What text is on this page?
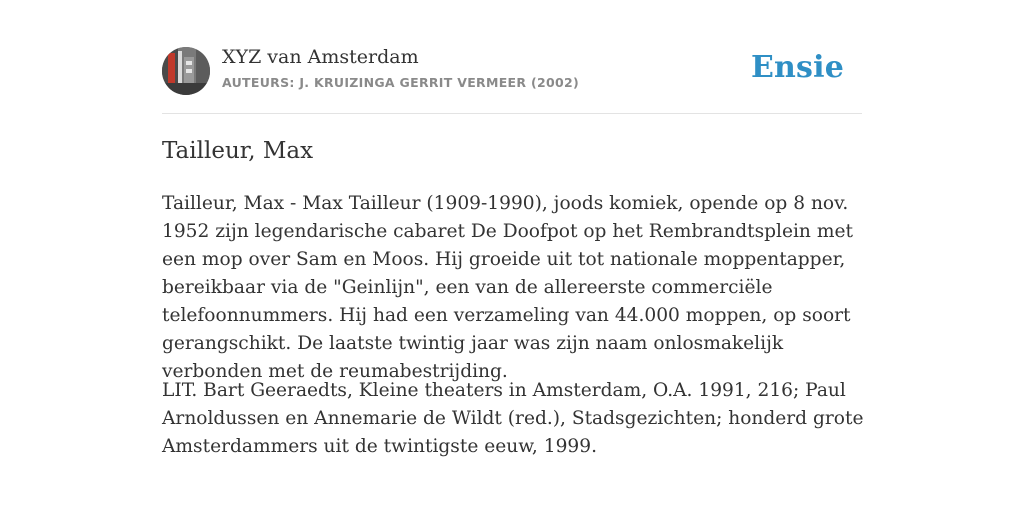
XYZ van Amsterdam
AUTEURS: J. KRUIZINGA GERRIT VERMEER (2002)	Ensie
Tailleur, Max

Tailleur, Max - Max Tailleur (1909-1990), joods komiek, opende op 8 nov. 1952 zijn legendarische cabaret De Doofpot op het Rembrandtsplein met een mop over Sam en Moos. Hij groeide uit tot nationale moppentapper, bereikbaar via de "Geinlijn", een van de allereerste commerciële telefoonnummers. Hij had een verzameling van 44.000 moppen, op soort gerangschikt. De laatste twintig jaar was zijn naam onlosmakelijk verbonden met de reumabestrijding.

LIT. Bart Geeraedts, Kleine theaters in Amsterdam, O.A. 1991, 216; Paul Arnoldussen en Annemarie de Wildt (red.), Stadsgezichten; honderd grote Amsterdammers uit de twintigste eeuw, 1999.
